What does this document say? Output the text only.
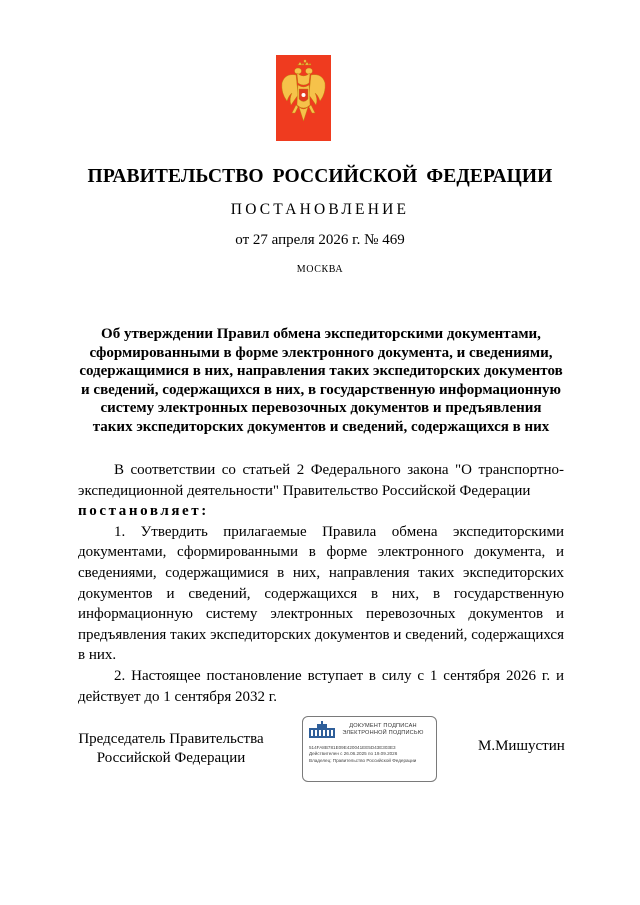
ПРАВИТЕЛЬСТВО РОССИЙСКОЙ ФЕДЕРАЦИИ
ПОСТАНОВЛЕНИЕ
от 27 апреля 2026 г. № 469
МОСКВА
Об утверждении Правил обмена экспедиторскими документами,
сформированными в форме электронного документа, и сведениями,
содержащимися в них, направления таких экспедиторских документов
и сведений, содержащихся в них, в государственную информационную
систему электронных перевозочных документов и предъявления
таких экспедиторских документов и сведений, содержащихся в них

В соответствии со статьей 2 Федерального закона "О транспортно-экспедиционной деятельности" Правительство Российской Федерации

постановляет:

1. Утвердить прилагаемые Правила обмена экспедиторскими документами, сформированными в форме электронного документа, и сведениями, содержащимися в них, направления таких экспедиторских документов и сведений, содержащихся в них, в государственную информационную систему электронных перевозочных документов и предъявления таких экспедиторских документов и сведений, содержащихся в них.

2. Настоящее постановление вступает в силу с 1 сентября 2026 г. и действует до 1 сентября 2032 г.

Председатель Правительства
Российской Федерации
ДОКУМЕНТ ПОДПИСАН
ЭЛЕКТРОННОЙ ПОДПИСЬЮ
514FA8B781E09E420041EE5D43E303E3
Действителен с 26.06.2025 по 19.09.2026
Владелец: Правительство Российской Федерации
М.Мишустин
